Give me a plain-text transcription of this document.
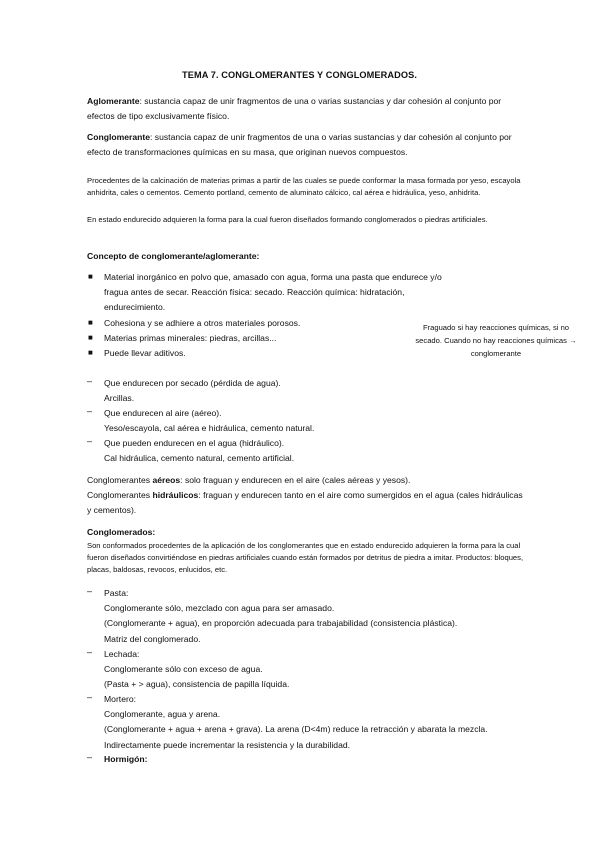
TEMA 7. CONGLOMERANTES Y CONGLOMERADOS.
Aglomerante: sustancia capaz de unir fragmentos de una o varias sustancias y dar cohesión al conjunto por efectos de tipo exclusivamente físico.
Conglomerante: sustancia capaz de unir fragmentos de una o varias sustancias y dar cohesión al conjunto por efecto de transformaciones químicas en su masa, que originan nuevos compuestos.
Procedentes de la calcinación de materias primas a partir de las cuales se puede conformar la masa formada por yeso, escayola anhidrita, cales o cementos. Cemento portland, cemento de aluminato cálcico, cal aérea e hidráulica, yeso, anhidrita.
En estado endurecido adquieren la forma para la cual fueron diseñados formando conglomerados o piedras artificiales.
Concepto de conglomerante/aglomerante:
■ Material inorgánico en polvo que, amasado con agua, forma una pasta que endurece y/o fragua antes de secar. Reacción física: secado. Reacción química: hidratación, endurecimiento.
■ Cohesiona y se adhiere a otros materiales porosos.
■ Materias primas minerales: piedras, arcillas...
■ Puede llevar aditivos.
Fraguado si hay reacciones químicas, si no secado. Cuando no hay reacciones químicas → conglomerante
– Que endurecen por secado (pérdida de agua).
Arcillas.
– Que endurecen al aire (aéreo).
Yeso/escayola, cal aérea e hidráulica, cemento natural.
– Que pueden endurecen en el agua (hidráulico).
Cal hidráulica, cemento natural, cemento artificial.
Conglomerantes aéreos: solo fraguan y endurecen en el aire (cales aéreas y yesos).
Conglomerantes hidráulicos: fraguan y endurecen tanto en el aire como sumergidos en el agua (cales hidráulicas y cementos).
Conglomerados:
Son conformados procedentes de la aplicación de los conglomerantes que en estado endurecido adquieren la forma para la cual fueron diseñados convirtiéndose en piedras artificiales cuando están formados por detritus de piedra a imitar. Productos: bloques, placas, baldosas, revocos, enlucidos, etc.
– Pasta:
Conglomerante sólo, mezclado con agua para ser amasado.
(Conglomerante + agua), en proporción adecuada para trabajabilidad (consistencia plástica).
Matriz del conglomerado.
– Lechada:
Conglomerante sólo con exceso de agua.
(Pasta + > agua), consistencia de papilla líquida.
– Mortero:
Conglomerante, agua y arena.
(Conglomerante + agua + arena + grava). La arena (D<4m) reduce la retracción y abarata la mezcla. Indirectamente puede incrementar la resistencia y la durabilidad.
– Hormigón:
